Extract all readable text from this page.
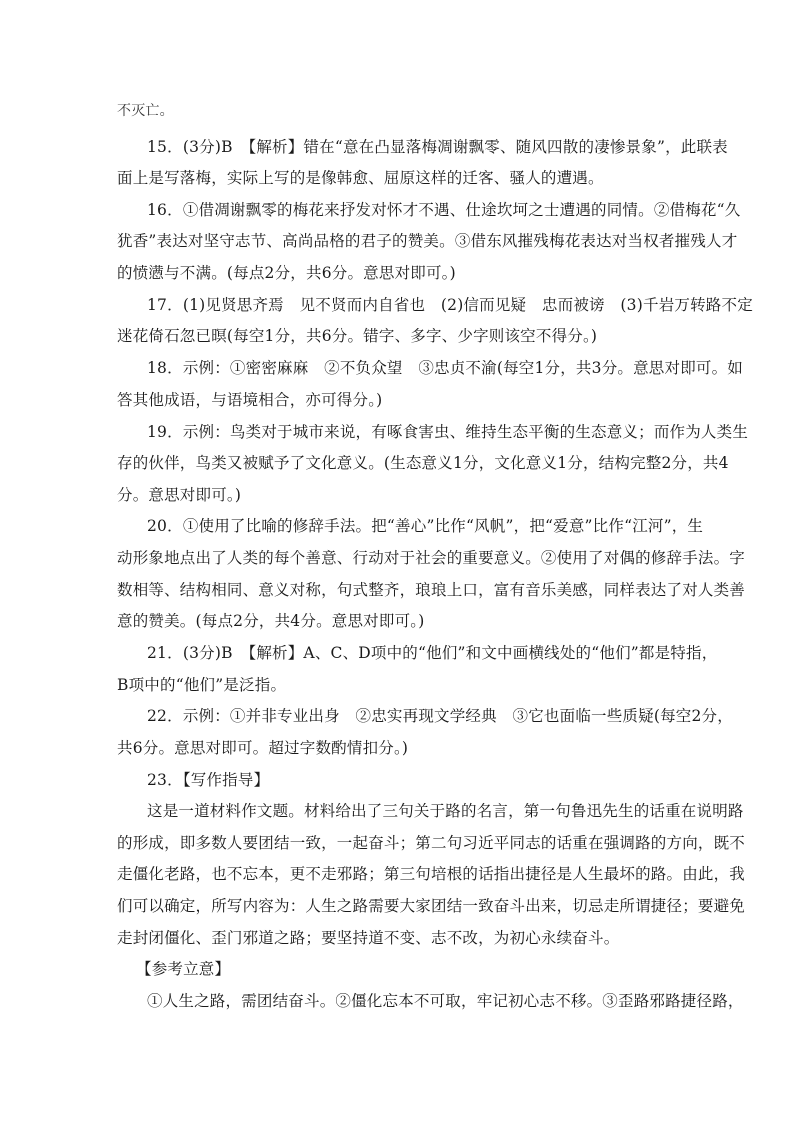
不灭亡。
15．(3分)B　【解析】错在“意在凸显落梅凋谢飘零、随风四散的凄惨景象”，此联表
面上是写落梅，实际上写的是像韩愈、屈原这样的迁客、骚人的遭遇。
16．①借凋谢飘零的梅花来抒发对怀才不遇、仕途坎坷之士遭遇的同情。②借梅花“久
犹香”表达对坚守志节、高尚品格的君子的赞美。③借东风摧残梅花表达对当权者摧残人才
的愤懑与不满。(每点2分，共6分。意思对即可。)
17．(1)见贤思齐焉　见不贤而内自省也　(2)信而见疑　忠而被谤　(3)千岩万转路不定
迷花倚石忽已暝(每空1分，共6分。错字、多字、少字则该空不得分。)
18．示例：①密密麻麻　②不负众望　③忠贞不渝(每空1分，共3分。意思对即可。如
答其他成语，与语境相合，亦可得分。)
19．示例：鸟类对于城市来说，有啄食害虫、维持生态平衡的生态意义；而作为人类生
存的伙伴，鸟类又被赋予了文化意义。(生态意义1分，文化意义1分，结构完整2分，共4
分。意思对即可。)
20．①使用了比喻的修辞手法。把“善心”比作“风帆”，把“爱意”比作“江河”，生
动形象地点出了人类的每个善意、行动对于社会的重要意义。②使用了对偶的修辞手法。字
数相等、结构相同、意义对称，句式整齐，琅琅上口，富有音乐美感，同样表达了对人类善
意的赞美。(每点2分，共4分。意思对即可。)
21．(3分)B　【解析】A、C、D项中的“他们”和文中画横线处的“他们”都是特指，
B项中的“他们”是泛指。
22．示例：①并非专业出身　②忠实再现文学经典　③它也面临一些质疑(每空2分，
共6分。意思对即可。超过字数酌情扣分。)
23．【写作指导】
这是一道材料作文题。材料给出了三句关于路的名言，第一句鲁迅先生的话重在说明路
的形成，即多数人要团结一致，一起奋斗；第二句习近平同志的话重在强调路的方向，既不
走僵化老路，也不忘本，更不走邪路；第三句培根的话指出捷径是人生最坏的路。由此，我
们可以确定，所写内容为：人生之路需要大家团结一致奋斗出来，切忌走所谓捷径；要避免
走封闭僵化、歪门邪道之路；要坚持道不变、志不改，为初心永续奋斗。
【参考立意】
①人生之路，需团结奋斗。②僵化忘本不可取，牢记初心志不移。③歪路邪路捷径路，
